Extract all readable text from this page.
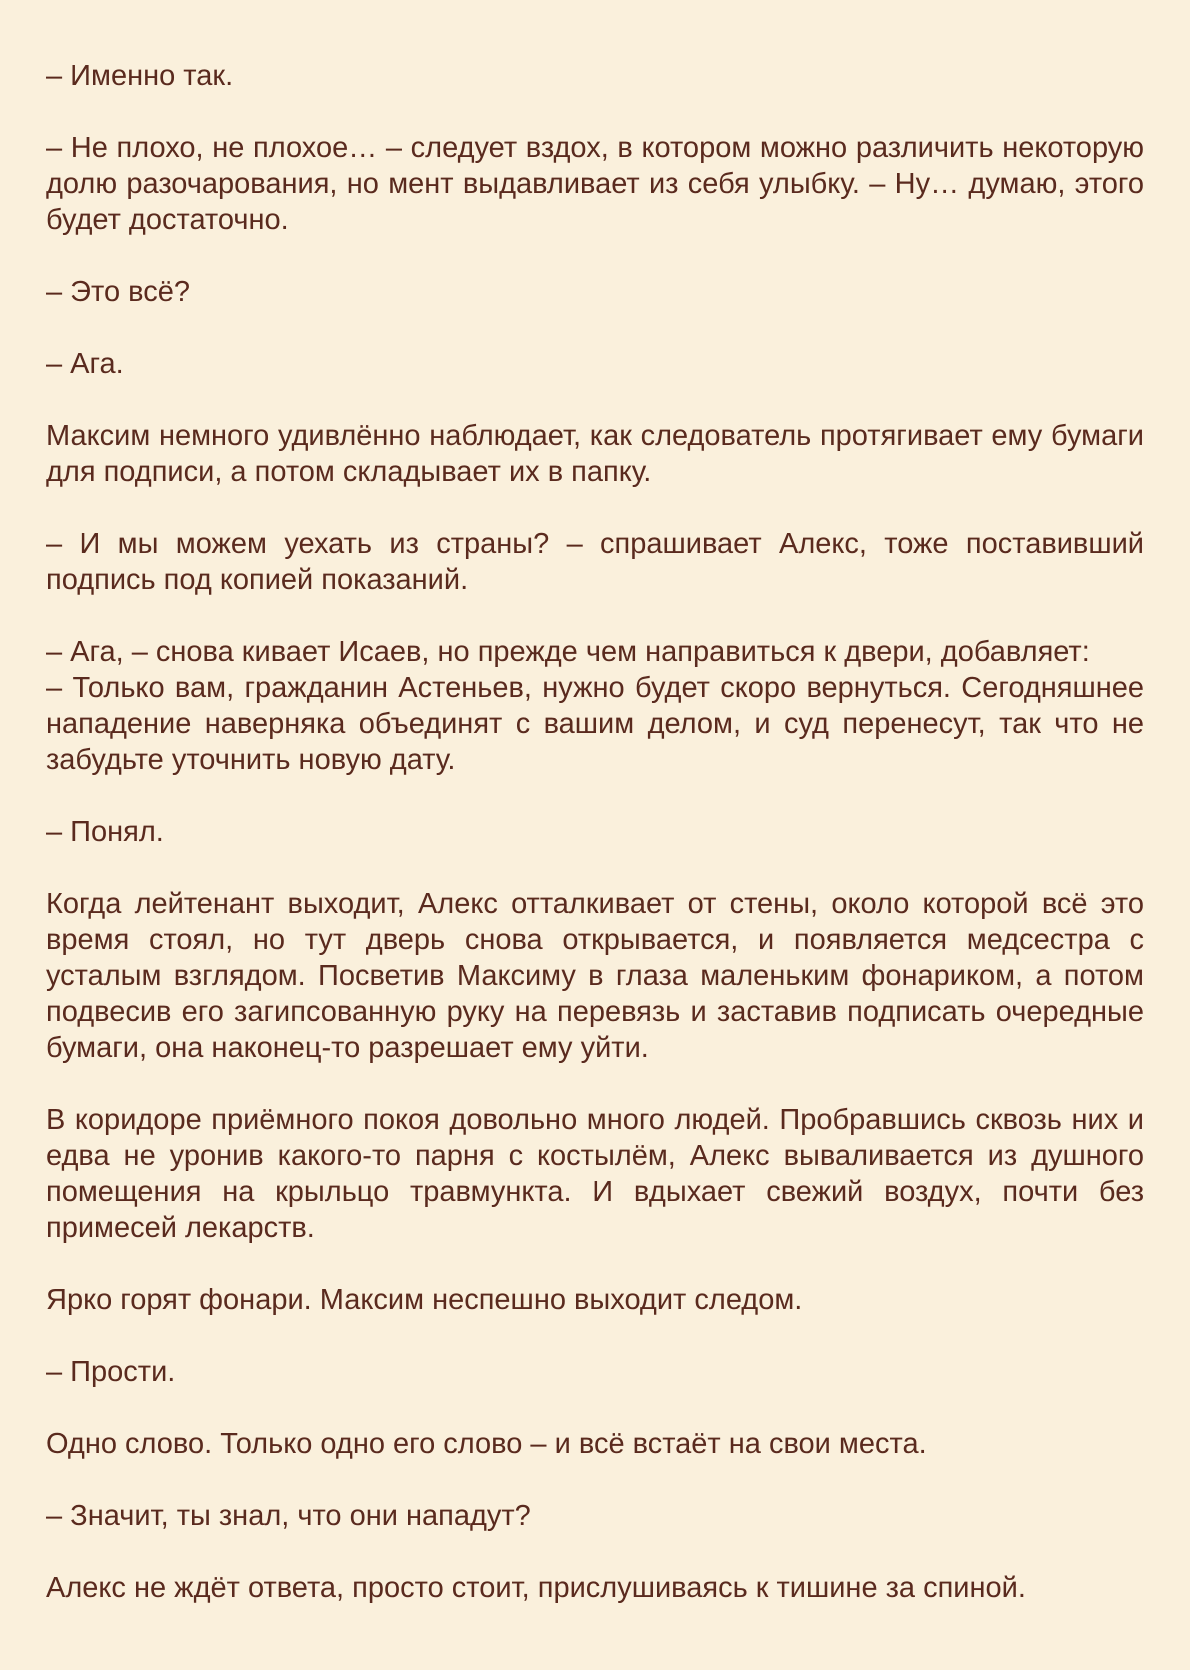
– Именно так.

– Не плохо, не плохое… – следует вздох, в котором можно различить некоторую долю разочарования, но мент выдавливает из себя улыбку. – Ну… думаю, этого будет достаточно.

– Это всё?

– Ага.

Максим немного удивлённо наблюдает, как следователь протягивает ему бумаги для подписи, а потом складывает их в папку.

– И мы можем уехать из страны? – спрашивает Алекс, тоже поставивший подпись под копией показаний.

– Ага, – снова кивает Исаев, но прежде чем направиться к двери, добавляет:

– Только вам, гражданин Астеньев, нужно будет скоро вернуться. Сегодняшнее нападение наверняка объединят с вашим делом, и суд перенесут, так что не забудьте уточнить новую дату.

– Понял.

Когда лейтенант выходит, Алекс отталкивает от стены, около которой всё это время стоял, но тут дверь снова открывается, и появляется медсестра с усталым взглядом. Посветив Максиму в глаза маленьким фонариком, а потом подвесив его загипсованную руку на перевязь и заставив подписать очередные бумаги, она наконец-то разрешает ему уйти.

В коридоре приёмного покоя довольно много людей. Пробравшись сквозь них и едва не уронив какого-то парня с костылём, Алекс вываливается из душного помещения на крыльцо травмункта. И вдыхает свежий воздух, почти без примесей лекарств.

Ярко горят фонари. Максим неспешно выходит следом.

– Прости.

Одно слово. Только одно его слово – и всё встаёт на свои места.

– Значит, ты знал, что они нападут?

Алекс не ждёт ответа, просто стоит, прислушиваясь к тишине за спиной.
